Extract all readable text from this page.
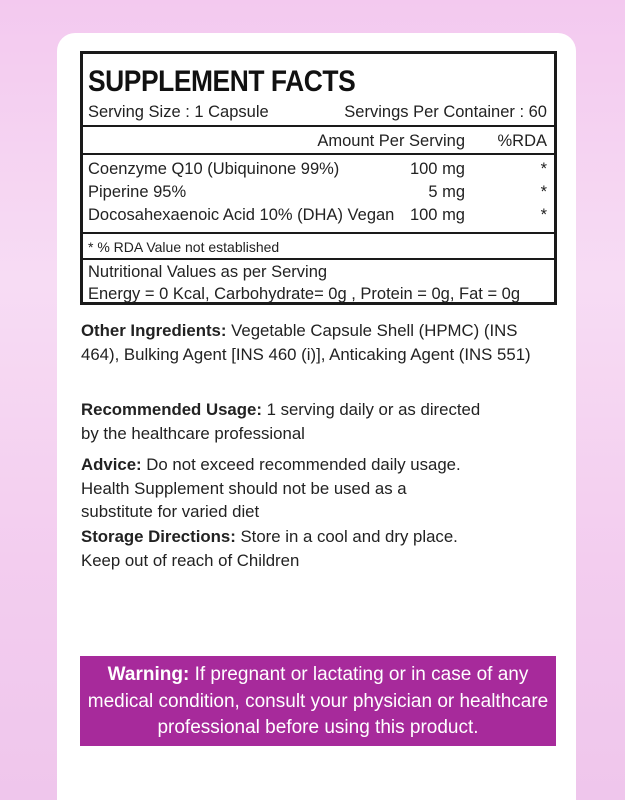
SUPPLEMENT FACTS
Serving Size : 1 Capsule	Servings Per Container : 60
Amount Per Serving %RDA
Coenzyme Q10 (Ubiquinone 99%)	100 mg	*
Piperine 95%	5 mg	*
Docosahexaenoic Acid 10% (DHA) Vegan 100 mg	*
* % RDA Value not established
Nutritional Values as per Serving
Energy = 0 Kcal, Carbohydrate= 0g , Protein = 0g, Fat = 0g
Other Ingredients: Vegetable Capsule Shell (HPMC) (INS 464), Bulking Agent [INS 460 (i)], Anticaking Agent (INS 551)
Recommended Usage: 1 serving daily or as directed by the healthcare professional
Advice: Do not exceed recommended daily usage. Health Supplement should not be used as a substitute for varied diet
Storage Directions: Store in a cool and dry place. Keep out of reach of Children
Warning: If pregnant or lactating or in case of any medical condition, consult your physician or healthcare professional before using this product.
